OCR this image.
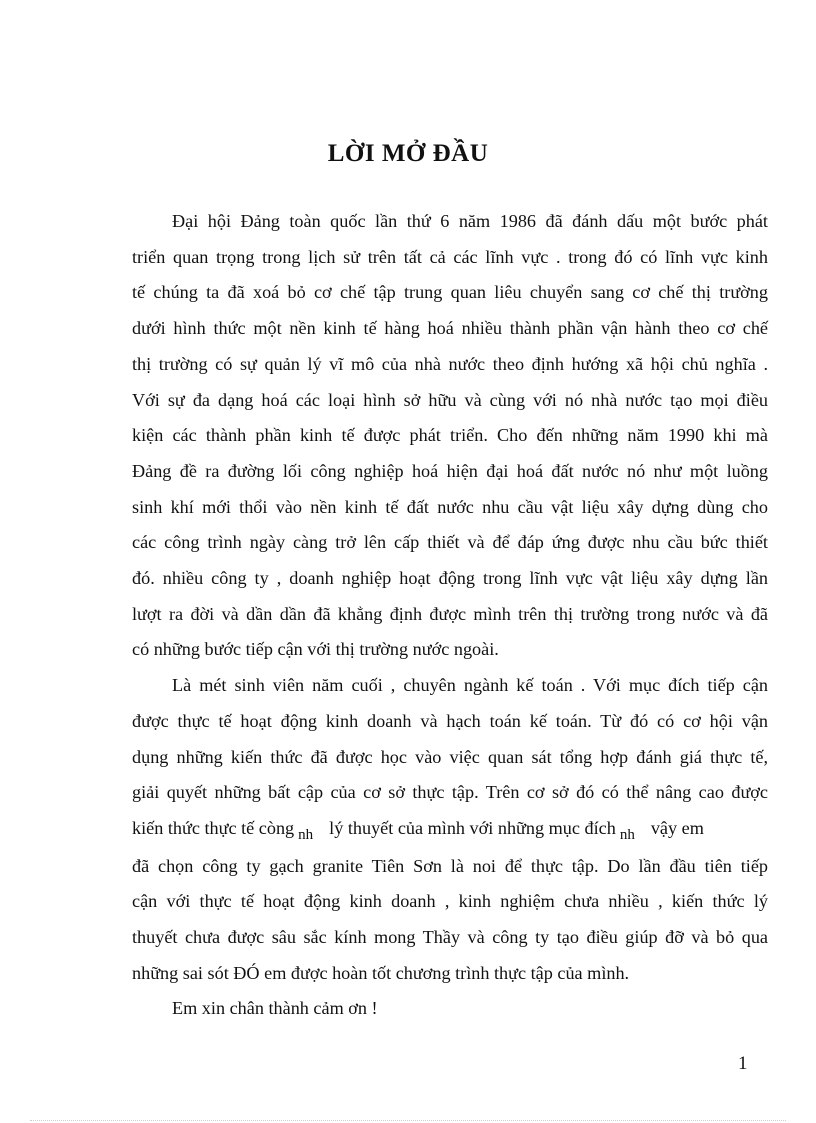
LỜI MỞ ĐẦU
Đại hội Đảng toàn quốc lần thứ 6 năm 1986 đã đánh dấu một bước phát
triển quan trọng trong lịch sử trên tất cả các lĩnh vực . trong đó có lĩnh vực kinh
tế chúng ta đã xoá bỏ cơ chế tập trung quan liêu chuyển sang cơ chế thị trường
dưới hình thức một nền kinh tế hàng hoá nhiều thành phần vận hành theo cơ chế
thị trường có sự quản lý vĩ mô của nhà nước theo định hướng xã hội chủ nghĩa .
Với sự đa dạng hoá các loại hình sở hữu và cùng với nó nhà nước tạo mọi điều
kiện các thành phần kinh tế được phát triển. Cho đến những năm 1990 khi mà
Đảng đề ra đường lối công nghiệp hoá hiện đại hoá đất nước nó như một luồng
sinh khí mới thổi vào nền kinh tế đất nước nhu cầu vật liệu xây dựng dùng cho
các công trình ngày càng trở lên cấp thiết và để đáp ứng được nhu cầu bức thiết
đó. nhiều công ty , doanh nghiệp hoạt động trong lĩnh vực vật liệu xây dựng lần
lượt ra đời và dần dần đã khẳng định được mình trên thị trường trong nước và đã
có những bước tiếp cận với thị trường nước ngoài.
Là mét sinh viên năm cuối , chuyên ngành kế toán . Với mục đích tiếp cận
được thực tế hoạt động kinh doanh và hạch toán kế toán. Từ đó có cơ hội vận
dụng những kiến thức đã được học vào việc quan sát tổng hợp đánh giá thực tế,
giải quyết những bất cập của cơ sở thực tập. Trên cơ sở đó có thể nâng cao được
kiến thức thực tế còng $_{nh}$ lý thuyết của mình với những mục đích $_{nh}$ vậy em
đã chọn công ty gạch granite Tiên Sơn là noi để thực tập. Do lần đầu tiên tiếp
cận với thực tế hoạt động kinh doanh , kinh nghiệm chưa nhiều , kiến thức lý
thuyết chưa được sâu sắc kính mong Thầy và công ty tạo điều giúp đỡ và bỏ qua
những sai sót ĐÓ em được hoàn tốt chương trình thực tập của mình.
Em xin chân thành cảm ơn !
1
